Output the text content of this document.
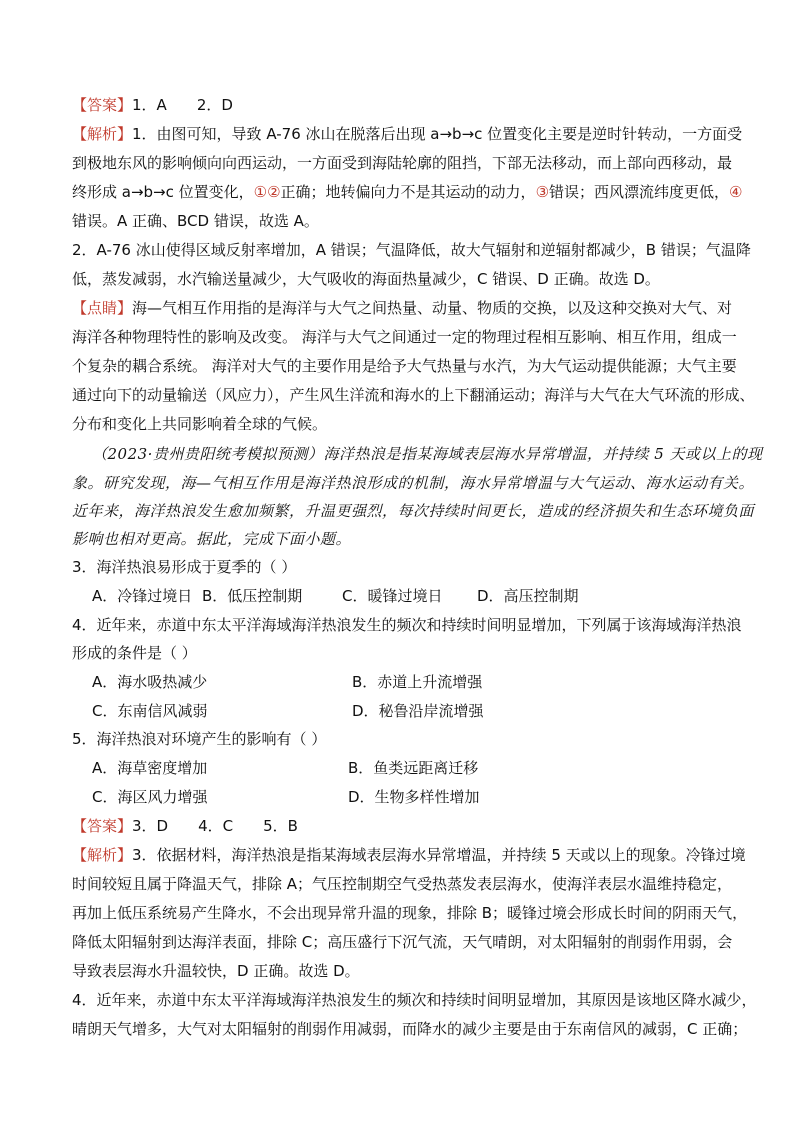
【答案】1．A　　2．D
【解析】1．由图可知，导致 A-76 冰山在脱落后出现 a→b→c 位置变化主要是逆时针转动，一方面受
到极地东风的影响倾向向西运动，一方面受到海陆轮廓的阻挡，下部无法移动，而上部向西移动，最
终形成 a→b→c 位置变化，①②正确；地转偏向力不是其运动的动力，③错误；西风漂流纬度更低，④
错误。A 正确、BCD 错误，故选 A。
2．A-76 冰山使得区域反射率增加，A 错误；气温降低，故大气辐射和逆辐射都减少，B 错误；气温降
低，蒸发减弱，水汽输送量减少，大气吸收的海面热量减少，C 错误、D 正确。故选 D。
【点睛】海—气相互作用指的是海洋与大气之间热量、动量、物质的交换，以及这种交换对大气、对
海洋各种物理特性的影响及改变。 海洋与大气之间通过一定的物理过程相互影响、相互作用，组成一
个复杂的耦合系统。 海洋对大气的主要作用是给予大气热量与水汽，为大气运动提供能源；大气主要
通过向下的动量输送（风应力），产生风生洋流和海水的上下翻涌运动；海洋与大气在大气环流的形成、
分布和变化上共同影响着全球的气候。
（2023·贵州贵阳统考模拟预测）海洋热浪是指某海域表层海水异常增温，并持续 5 天或以上的现
象。研究发现，海—气相互作用是海洋热浪形成的机制，海水异常增温与大气运动、海水运动有关。
近年来，海洋热浪发生愈加频繁，升温更强烈，每次持续时间更长，造成的经济损失和生态环境负面
影响也相对更高。据此，完成下面小题。
3．海洋热浪易形成于夏季的（ ）
A．冷锋过境日 B．低压控制期	C．暖锋过境日 D．高压控制期
4．近年来，赤道中东太平洋海域海洋热浪发生的频次和持续时间明显增加，下列属于该海域海洋热浪
形成的条件是（ ）
A．海水吸热减少	B．赤道上升流增强
C．东南信风减弱	D．秘鲁沿岸流增强
5．海洋热浪对环境产生的影响有（ ）
A．海草密度增加	B．鱼类远距离迁移
C．海区风力增强	D．生物多样性增加
【答案】3．D　　4．C　　5．B
【解析】3．依据材料，海洋热浪是指某海域表层海水异常增温，并持续 5 天或以上的现象。冷锋过境
时间较短且属于降温天气，排除 A；气压控制期空气受热蒸发表层海水，使海洋表层水温维持稳定，
再加上低压系统易产生降水，不会出现异常升温的现象，排除 B；暖锋过境会形成长时间的阴雨天气，
降低太阳辐射到达海洋表面，排除 C；高压盛行下沉气流，天气晴朗，对太阳辐射的削弱作用弱，会
导致表层海水升温较快，D 正确。故选 D。
4．近年来，赤道中东太平洋海域海洋热浪发生的频次和持续时间明显增加，其原因是该地区降水减少，
晴朗天气增多，大气对太阳辐射的削弱作用减弱，而降水的减少主要是由于东南信风的减弱，C 正确；
